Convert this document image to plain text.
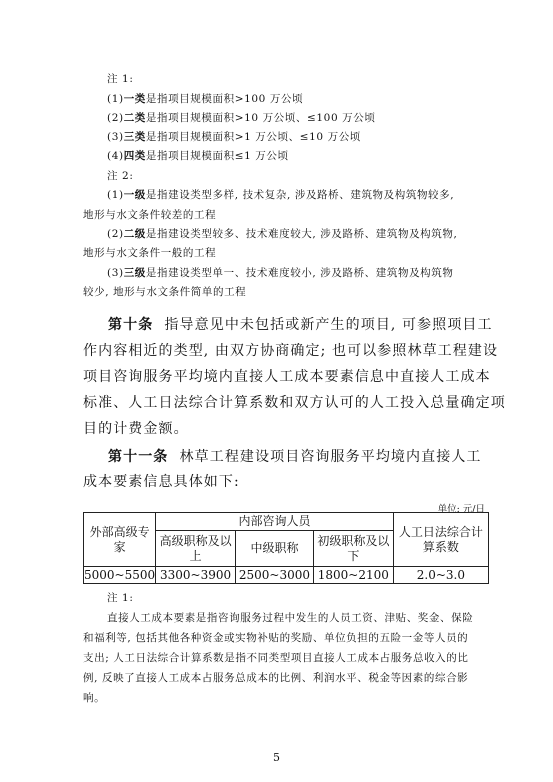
注 1:

(1)一类是指项目规模面积>100 万公顷

(2)二类是指项目规模面积>10 万公顷、≤100 万公顷

(3)三类是指项目规模面积>1 万公顷、≤10 万公顷

(4)四类是指项目规模面积≤1 万公顷

注 2:

(1)一级是指建设类型多样, 技术复杂, 涉及路桥、建筑物及构筑物较多,

地形与水文条件较差的工程

(2)二级是指建设类型较多、技术难度较大, 涉及路桥、建筑物及构筑物,

地形与水文条件一般的工程

(3)三级是指建设类型单一、技术难度较小, 涉及路桥、建筑物及构筑物

较少, 地形与水文条件简单的工程

第十条 指导意见中未包括或新产生的项目, 可参照项目工

作内容相近的类型, 由双方协商确定; 也可以参照林草工程建设

项目咨询服务平均境内直接人工成本要素信息中直接人工成本

标准、人工日法综合计算系数和双方认可的人工投入总量确定项

目的计费金额。

第十一条 林草工程建设项目咨询服务平均境内直接人工

成本要素信息具体如下:

单位: 元/日
外部高级专家	内部咨询人员			人工日法综合计算系数
	高级职称及以上	中级职称	初级职称及以下	
5000~5500	3300~3900	2500~3000	1800~2100	2.0~3.0

注 1:

直接人工成本要素是指咨询服务过程中发生的人员工资、津贴、奖金、保险

和福利等, 包括其他各种资金或实物补贴的奖励、单位负担的五险一金等人员的

支出; 人工日法综合计算系数是指不同类型项目直接人工成本占服务总收入的比

例, 反映了直接人工成本占服务总成本的比例、利润水平、税金等因素的综合影

响。

5
